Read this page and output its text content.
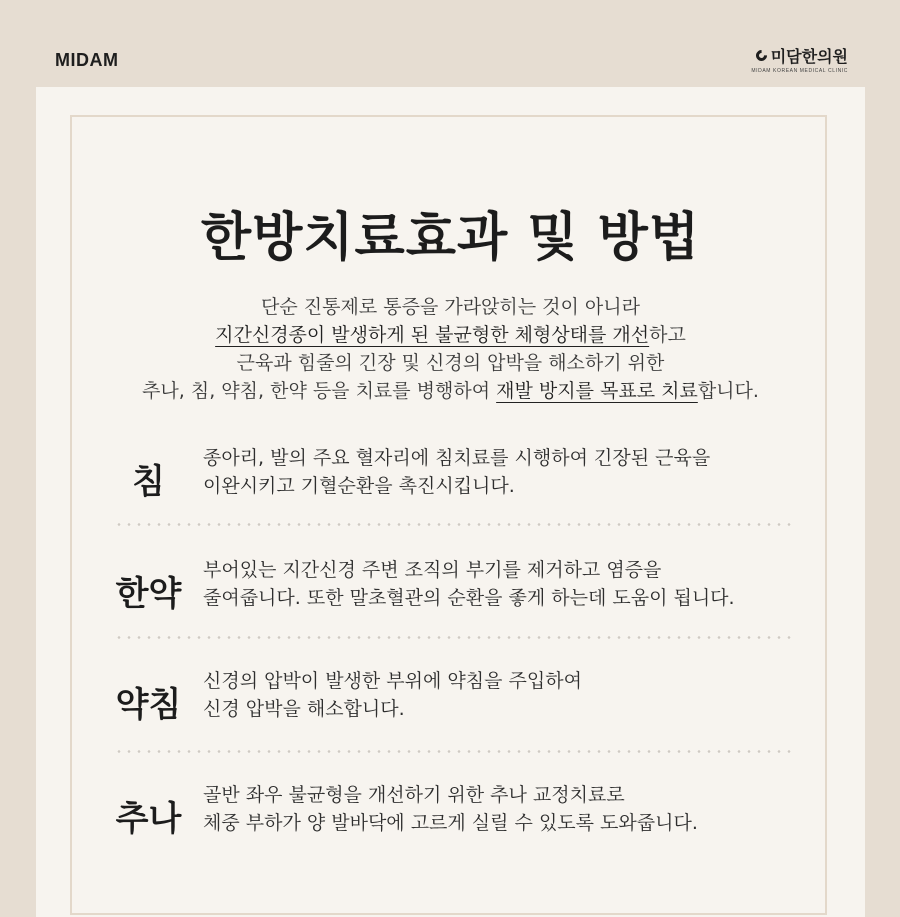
MIDAM	미담한의원
MIDAM KOREAN MEDICAL CLINIC
한방치료효과 및 방법
단순 진통제로 통증을 가라앉히는 것이 아니라
지간신경종이 발생하게 된 불균형한 체형상태를 개선하고
근육과 힘줄의 긴장 및 신경의 압박을 해소하기 위한
추나, 침, 약침, 한약 등을 치료를 병행하여 재발 방지를 목표로 치료합니다.
침
종아리, 발의 주요 혈자리에 침치료를 시행하여 긴장된 근육을
이완시키고 기혈순환을 촉진시킵니다.
한약
부어있는 지간신경 주변 조직의 부기를 제거하고 염증을
줄여줍니다. 또한 말초혈관의 순환을 좋게 하는데 도움이 됩니다.
약침
신경의 압박이 발생한 부위에 약침을 주입하여
신경 압박을 해소합니다.
추나
골반 좌우 불균형을 개선하기 위한 추나 교정치료로
체중 부하가 양 발바닥에 고르게 실릴 수 있도록 도와줍니다.
